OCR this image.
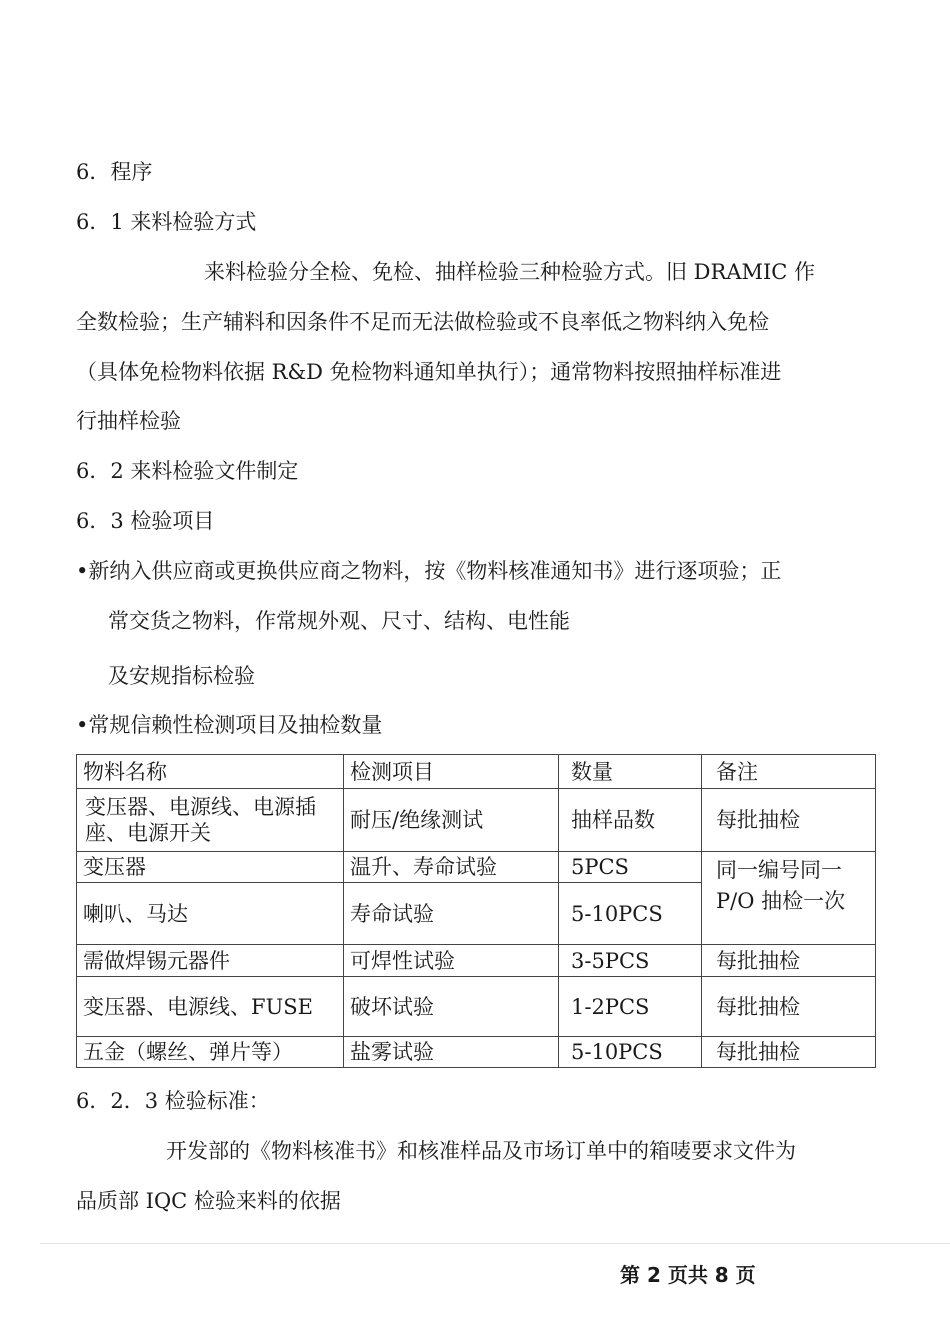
6．程序
6．1 来料检验方式
来料检验分全检、免检、抽样检验三种检验方式。旧 DRAMIC 作
全数检验；生产辅料和因条件不足而无法做检验或不良率低之物料纳入免检
（具体免检物料依据 R&D 免检物料通知单执行）；通常物料按照抽样标准进
行抽样检验
6．2 来料检验文件制定
6．3 检验项目
•新纳入供应商或更换供应商之物料，按《物料核准通知书》进行逐项验；正
常交货之物料，作常规外观、尺寸、结构、电性能
及安规指标检验
•常规信赖性检测项目及抽检数量
物料名称	检测项目	数量	备注
变压器、电源线、电源插座、电源开关	耐压/绝缘测试	抽样品数	每批抽检
变压器	温升、寿命试验	5PCS	同一编号同一P/O 抽检一次
喇叭、马达	寿命试验	5-10PCS	
需做焊锡元器件	可焊性试验	3-5PCS	每批抽检
变压器、电源线、FUSE	破坏试验	1-2PCS	每批抽检
五金（螺丝、弹片等）	盐雾试验	5-10PCS	每批抽检
6．2．3 检验标准：
开发部的《物料核准书》和核准样品及市场订单中的箱唛要求文件为
品质部 IQC 检验来料的依据
第 2 页共 8 页
